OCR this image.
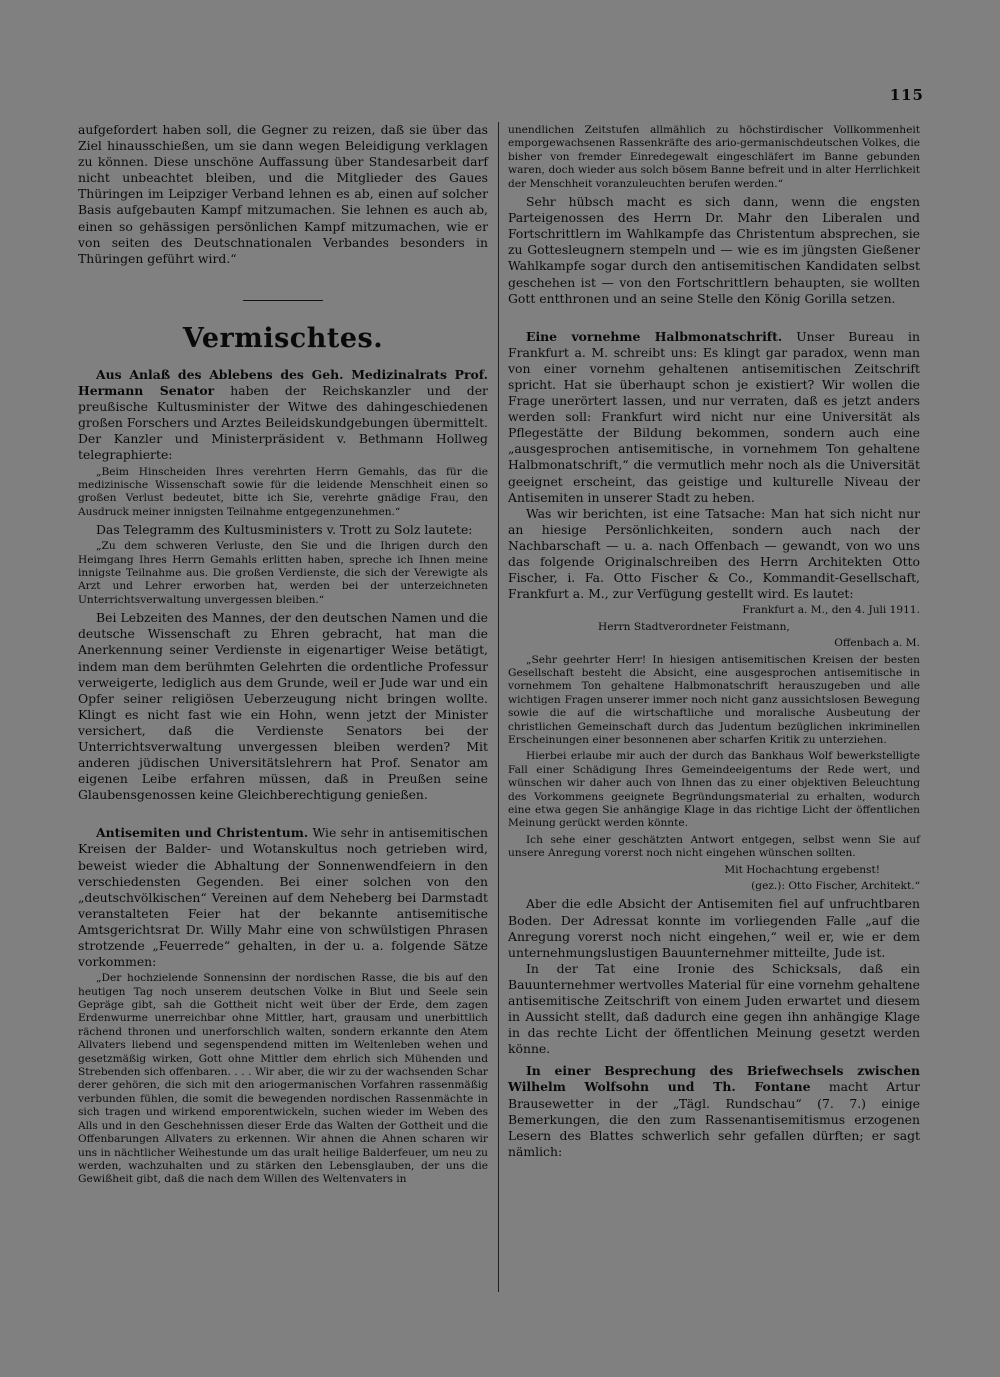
115

aufgefordert haben soll, die Gegner zu reizen, daß sie über das Ziel hinausschießen, um sie dann wegen Beleidigung verklagen zu können. Diese unschöne Auffassung über Standesarbeit darf nicht unbeachtet bleiben, und die Mitglieder des Gaues Thüringen im Leipziger Verband lehnen es ab, einen auf solcher Basis aufgebauten Kampf mitzumachen. Sie lehnen es auch ab, einen so gehässigen persönlichen Kampf mitzumachen, wie er von seiten des Deutschnationalen Verbandes besonders in Thüringen geführt wird.“

Vermischtes.

Aus Anlaß des Ablebens des Geh. Medizinalrats Prof. Hermann Senator haben der Reichskanzler und der preußische Kultusminister der Witwe des dahingeschiedenen großen Forschers und Arztes Beileidskundgebungen übermittelt. Der Kanzler und Ministerpräsident v. Bethmann Hollweg telegraphierte:

„Beim Hinscheiden Ihres verehrten Herrn Gemahls, das für die medizinische Wissenschaft sowie für die leidende Menschheit einen so großen Verlust bedeutet, bitte ich Sie, verehrte gnädige Frau, den Ausdruck meiner innigsten Teilnahme entgegenzunehmen.“

Das Telegramm des Kultusministers v. Trott zu Solz lautete:

„Zu dem schweren Verluste, den Sie und die Ihrigen durch den Heimgang Ihres Herrn Gemahls erlitten haben, spreche ich Ihnen meine innigste Teilnahme aus. Die großen Verdienste, die sich der Verewigte als Arzt und Lehrer erworben hat, werden bei der unterzeichneten Unterrichtsverwaltung unvergessen bleiben.“

Bei Lebzeiten des Mannes, der den deutschen Namen und die deutsche Wissenschaft zu Ehren gebracht, hat man die Anerkennung seiner Verdienste in eigenartiger Weise betätigt, indem man dem berühmten Gelehrten die ordentliche Professur verweigerte, lediglich aus dem Grunde, weil er Jude war und ein Opfer seiner religiösen Ueberzeugung nicht bringen wollte. Klingt es nicht fast wie ein Hohn, wenn jetzt der Minister versichert, daß die Verdienste Senators bei der Unterrichtsverwaltung unvergessen bleiben werden? Mit anderen jüdischen Universitätslehrern hat Prof. Senator am eigenen Leibe erfahren müssen, daß in Preußen seine Glaubensgenossen keine Gleichberechtigung genießen.

Antisemiten und Christentum. Wie sehr in antisemitischen Kreisen der Balder- und Wotanskultus noch getrieben wird, beweist wieder die Abhaltung der Sonnenwendfeiern in den verschiedensten Gegenden. Bei einer solchen von den „deutschvölkischen“ Vereinen auf dem Neheberg bei Darmstadt veranstalteten Feier hat der bekannte antisemitische Amtsgerichtsrat Dr. Willy Mahr eine von schwülstigen Phrasen strotzende „Feuerrede“ gehalten, in der u. a. folgende Sätze vorkommen:

„Der hochzielende Sonnensinn der nordischen Rasse, die bis auf den heutigen Tag noch unserem deutschen Volke in Blut und Seele sein Gepräge gibt, sah die Gottheit nicht weit über der Erde, dem zagen Erdenwurme unerreichbar ohne Mittler, hart, grausam und unerbittlich rächend thronen und unerforschlich walten, sondern erkannte den Atem Allvaters liebend und segenspendend mitten im Weltenleben wehen und gesetzmäßig wirken, Gott ohne Mittler dem ehrlich sich Mühenden und Strebenden sich offenbaren. . . . Wir aber, die wir zu der wachsenden Schar derer gehören, die sich mit den ariogermanischen Vorfahren rassenmäßig verbunden fühlen, die somit die bewegenden nordischen Rassenmächte in sich tragen und wirkend emporentwickeln, suchen wieder im Weben des Alls und in den Geschehnissen dieser Erde das Walten der Gottheit und die Offenbarungen Allvaters zu erkennen. Wir ahnen die Ahnen scharen wir uns in nächtlicher Weihestunde um das uralt heilige Balderfeuer, um neu zu werden, wachzuhalten und zu stärken den Lebensglauben, der uns die Gewißheit gibt, daß die nach dem Willen des Weltenvaters in

unendlichen Zeitstufen allmählich zu höchstirdischer Vollkommenheit emporgewachsenen Rassenkräfte des ario-germanischdeutschen Volkes, die bisher von fremder Einredegewalt eingeschläfert im Banne gebunden waren, doch wieder aus solch bösem Banne befreit und in alter Herrlichkeit der Menschheit voranzuleuchten berufen werden.“

Sehr hübsch macht es sich dann, wenn die engsten Parteigenossen des Herrn Dr. Mahr den Liberalen und Fortschrittlern im Wahlkampfe das Christentum absprechen, sie zu Gottesleugnern stempeln und — wie es im jüngsten Gießener Wahlkampfe sogar durch den antisemitischen Kandidaten selbst geschehen ist — von den Fortschrittlern behaupten, sie wollten Gott entthronen und an seine Stelle den König Gorilla setzen.

Eine vornehme Halbmonatschrift. Unser Bureau in Frankfurt a. M. schreibt uns: Es klingt gar paradox, wenn man von einer vornehm gehaltenen antisemitischen Zeitschrift spricht. Hat sie überhaupt schon je existiert? Wir wollen die Frage unerörtert lassen, und nur verraten, daß es jetzt anders werden soll: Frankfurt wird nicht nur eine Universität als Pflegestätte der Bildung bekommen, sondern auch eine „ausgesprochen antisemitische, in vornehmem Ton gehaltene Halbmonatschrift,“ die vermutlich mehr noch als die Universität geeignet erscheint, das geistige und kulturelle Niveau der Antisemiten in unserer Stadt zu heben.

Was wir berichten, ist eine Tatsache: Man hat sich nicht nur an hiesige Persönlichkeiten, sondern auch nach der Nachbarschaft — u. a. nach Offenbach — gewandt, von wo uns das folgende Originalschreiben des Herrn Architekten Otto Fischer, i. Fa. Otto Fischer & Co., Kommandit-Gesellschaft, Frankfurt a. M., zur Verfügung gestellt wird. Es lautet:

Frankfurt a. M., den 4. Juli 1911.
Herrn Stadtverordneter Feistmann,
Offenbach a. M.

„Sehr geehrter Herr! In hiesigen antisemitischen Kreisen der besten Gesellschaft besteht die Absicht, eine ausgesprochen antisemitische in vornehmem Ton gehaltene Halbmonatschrift herauszugeben und alle wichtigen Fragen unserer immer noch nicht ganz aussichtslosen Bewegung sowie die auf die wirtschaftliche und moralische Ausbeutung der christlichen Gemeinschaft durch das Judentum bezüglichen inkriminellen Erscheinungen einer besonnenen aber scharfen Kritik zu unterziehen.

Hierbei erlaube mir auch der durch das Bankhaus Wolf bewerkstelligte Fall einer Schädigung Ihres Gemeindeeigentums der Rede wert, und wünschen wir daher auch von Ihnen das zu einer objektiven Beleuchtung des Vorkommens geeignete Begründungsmaterial zu erhalten, wodurch eine etwa gegen Sie anhängige Klage in das richtige Licht der öffentlichen Meinung gerückt werden könnte.

Ich sehe einer geschätzten Antwort entgegen, selbst wenn Sie auf unsere Anregung vorerst noch nicht eingehen wünschen sollten.

Mit Hochachtung ergebenst!
(gez.): Otto Fischer, Architekt.“

Aber die edle Absicht der Antisemiten fiel auf unfruchtbaren Boden. Der Adressat konnte im vorliegenden Falle „auf die Anregung vorerst noch nicht eingehen,“ weil er, wie er dem unternehmungslustigen Bauunternehmer mitteilte, Jude ist.

In der Tat eine Ironie des Schicksals, daß ein Bauunternehmer wertvolles Material für eine vornehm gehaltene antisemitische Zeitschrift von einem Juden erwartet und diesem in Aussicht stellt, daß dadurch eine gegen ihn anhängige Klage in das rechte Licht der öffentlichen Meinung gesetzt werden könne.

In einer Besprechung des Briefwechsels zwischen Wilhelm Wolfsohn und Th. Fontane macht Artur Brausewetter in der „Tägl. Rundschau“ (7. 7.) einige Bemerkungen, die den zum Rassenantisemitismus erzogenen Lesern des Blattes schwerlich sehr gefallen dürften; er sagt nämlich:
